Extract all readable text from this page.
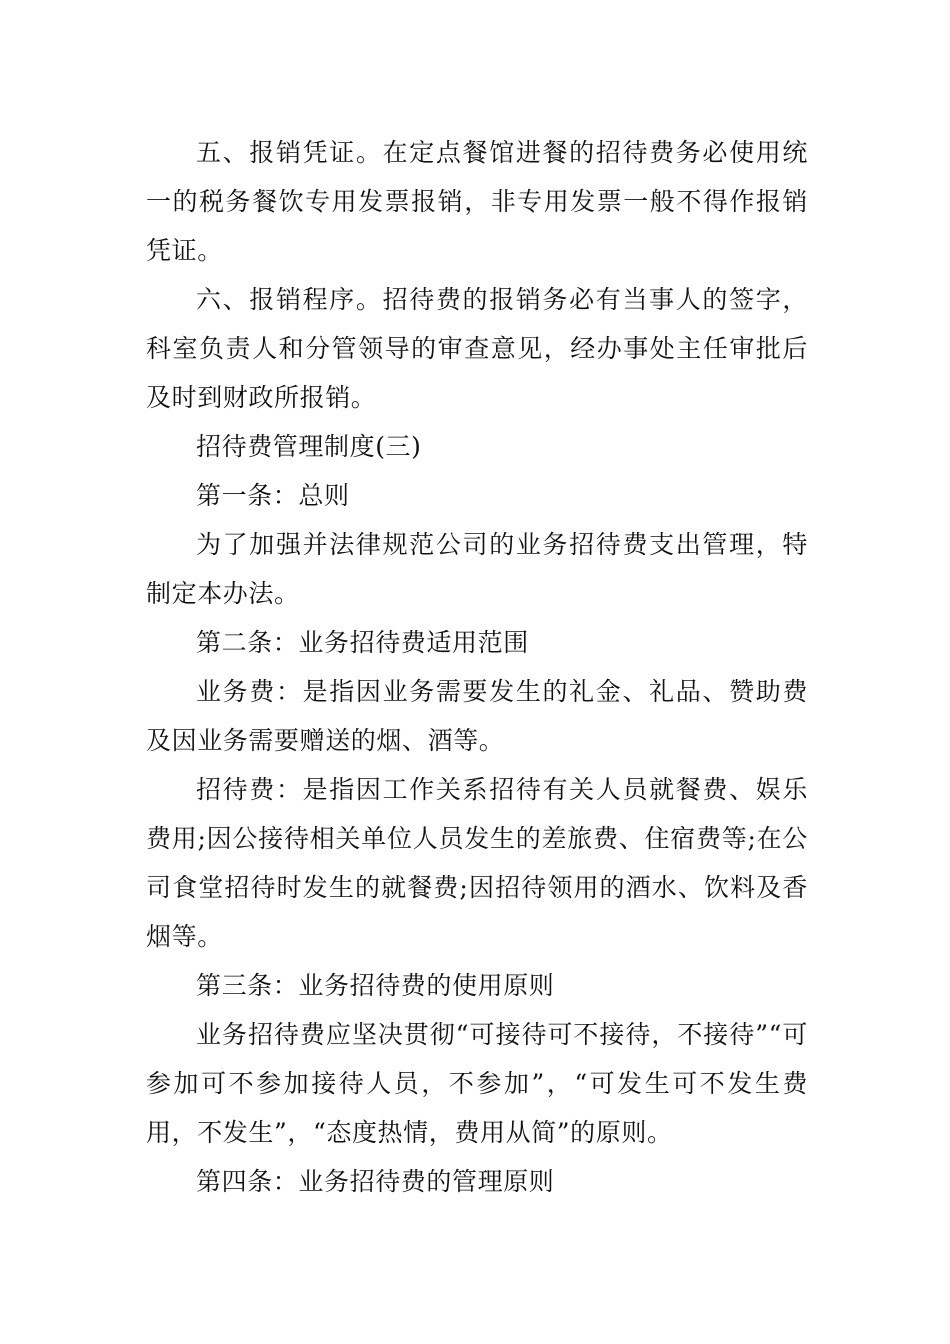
五、报销凭证。在定点餐馆进餐的招待费务必使用统一的税务餐饮专用发票报销，非专用发票一般不得作报销凭证。

六、报销程序。招待费的报销务必有当事人的签字，科室负责人和分管领导的审查意见，经办事处主任审批后及时到财政所报销。

招待费管理制度(三)

第一条：总则

为了加强并法律规范公司的业务招待费支出管理，特制定本办法。

第二条：业务招待费适用范围

业务费：是指因业务需要发生的礼金、礼品、赞助费及因业务需要赠送的烟、酒等。

招待费：是指因工作关系招待有关人员就餐费、娱乐费用;因公接待相关单位人员发生的差旅费、住宿费等;在公司食堂招待时发生的就餐费;因招待领用的酒水、饮料及香烟等。

第三条：业务招待费的使用原则

业务招待费应坚决贯彻“可接待可不接待，不接待”“可参加可不参加接待人员，不参加”，“可发生可不发生费用，不发生”，“态度热情，费用从简”的原则。

第四条：业务招待费的管理原则
